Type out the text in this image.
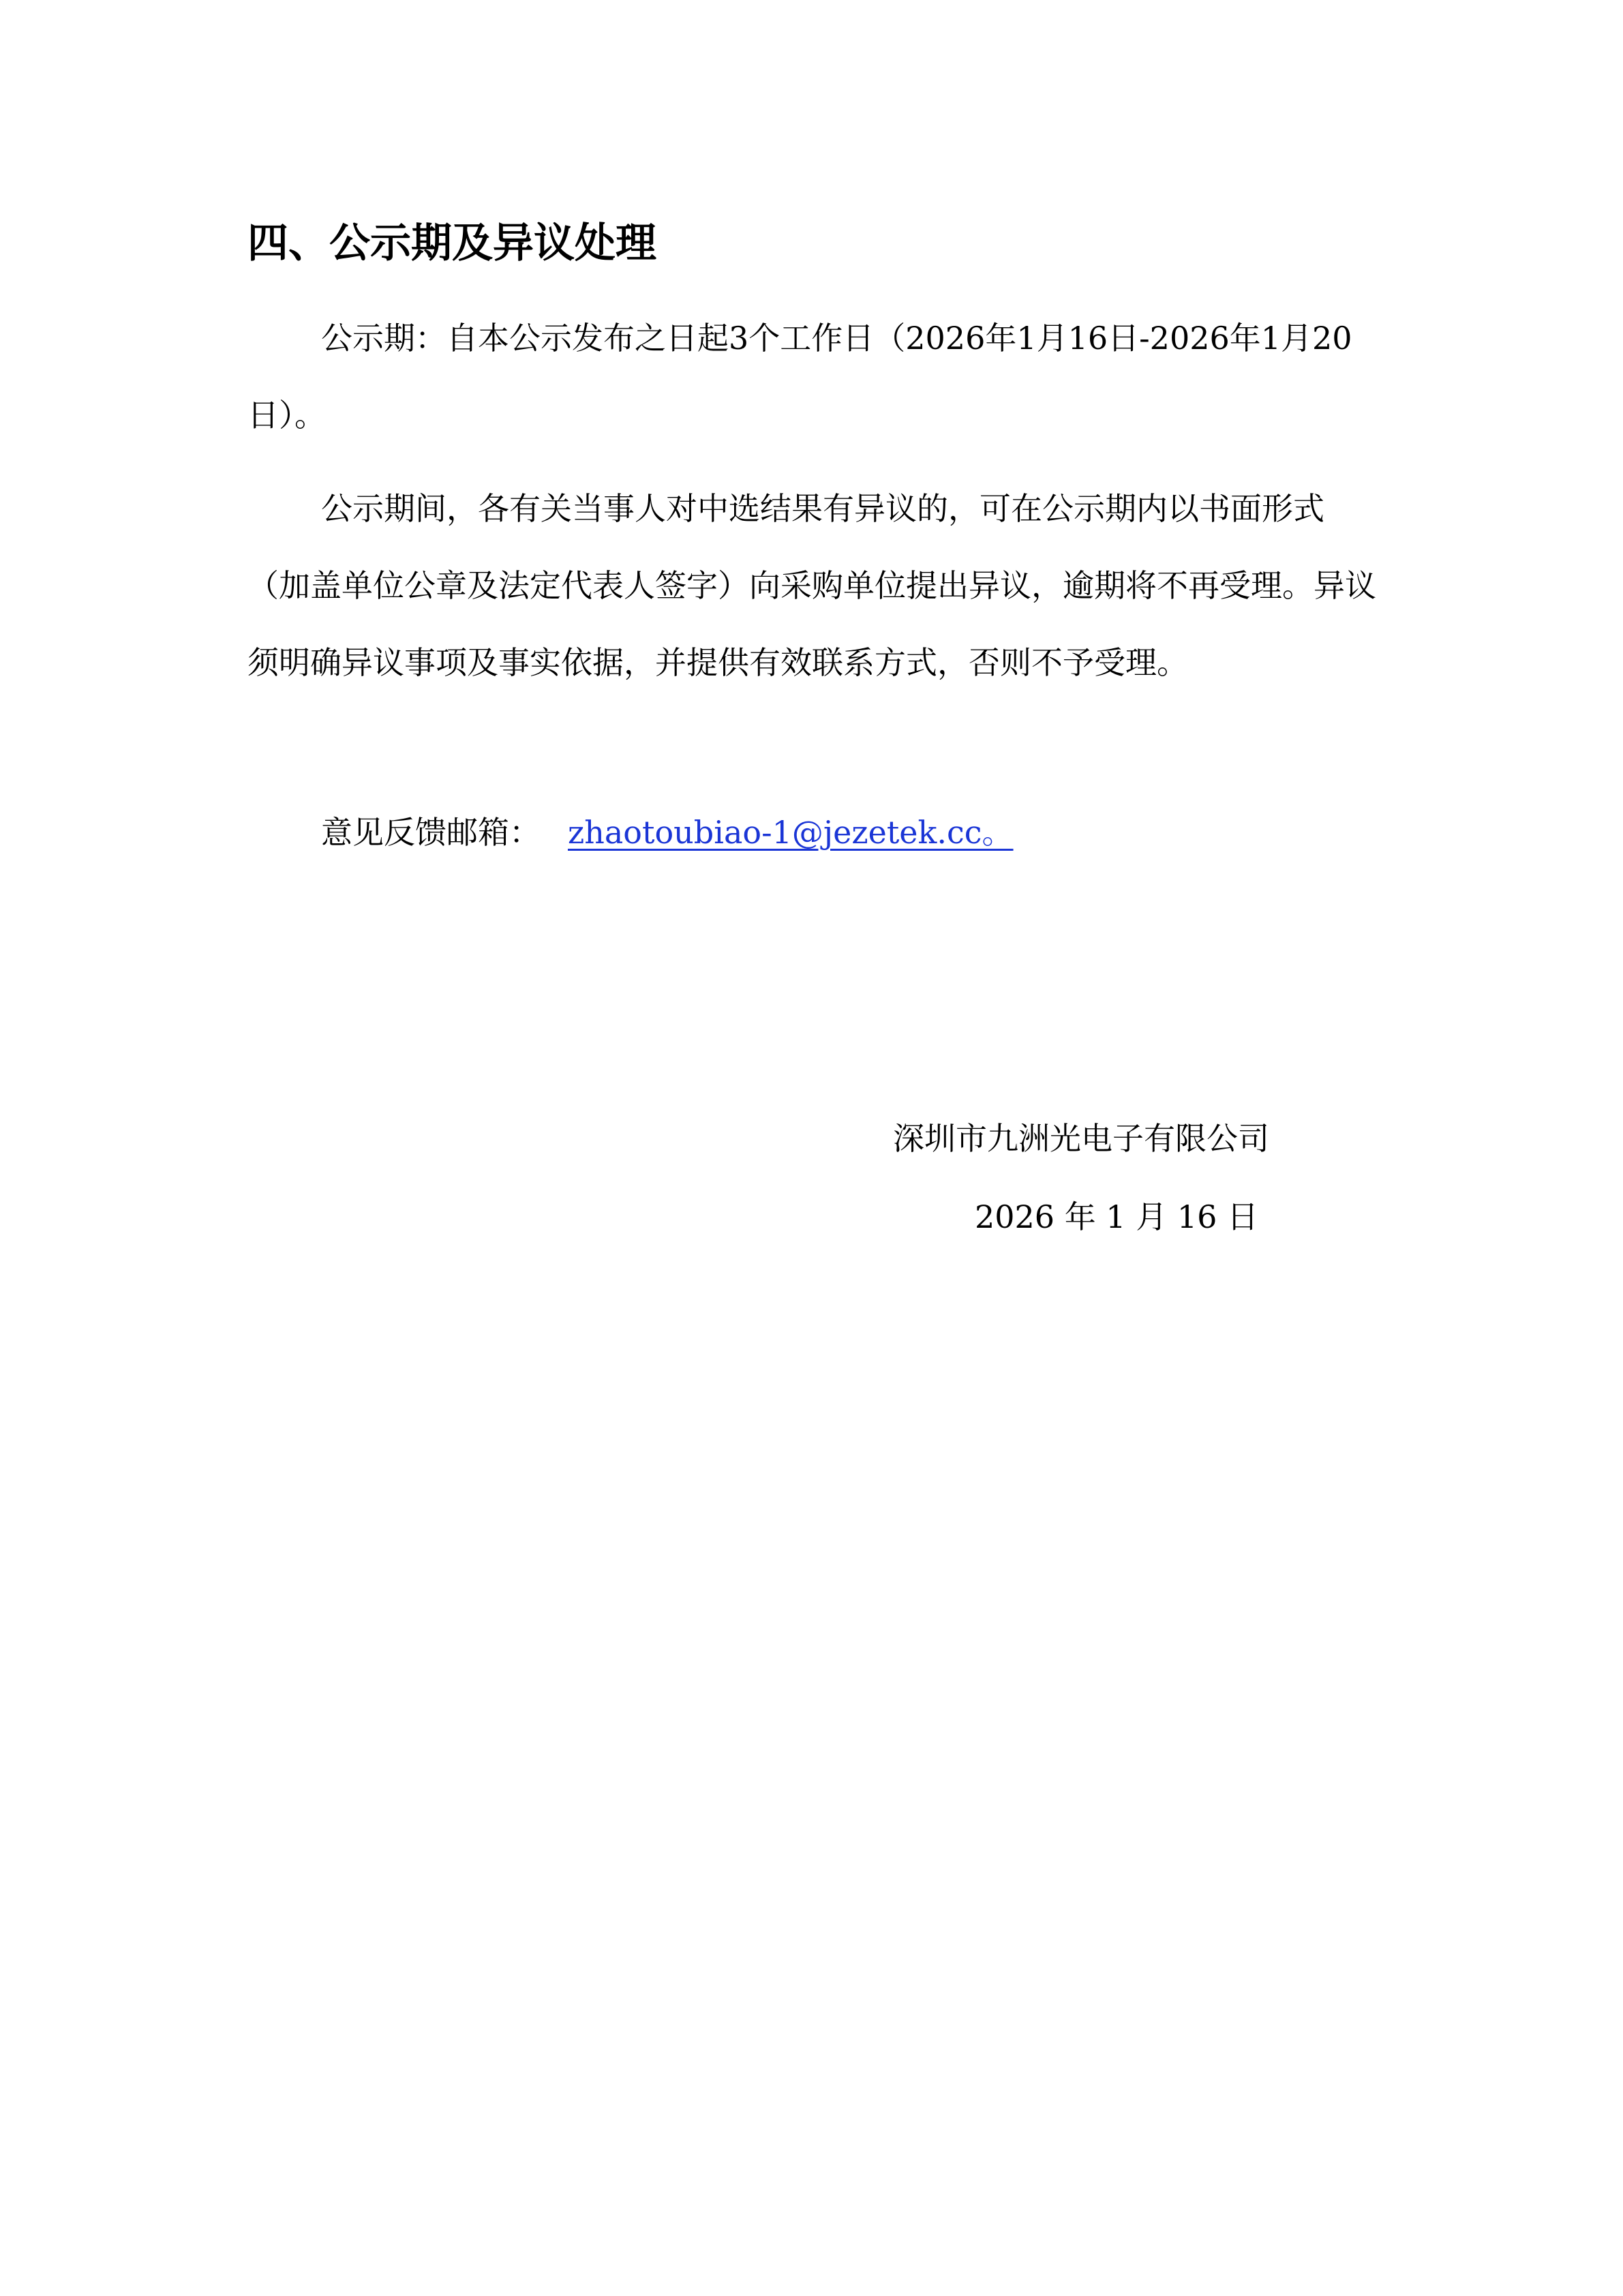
四、公示期及异议处理

公示期：自本公示发布之日起3个工作日（2026年1月16日-2026年1月20日）。

公示期间，各有关当事人对中选结果有异议的，可在公示期内以书面形式（加盖单位公章及法定代表人签字）向采购单位提出异议，逾期将不再受理。异议须明确异议事项及事实依据，并提供有效联系方式，否则不予受理。

意见反馈邮箱： zhaotoubiao-1@jezetek.cc。

深圳市九洲光电子有限公司

2026 年 1 月 16 日
